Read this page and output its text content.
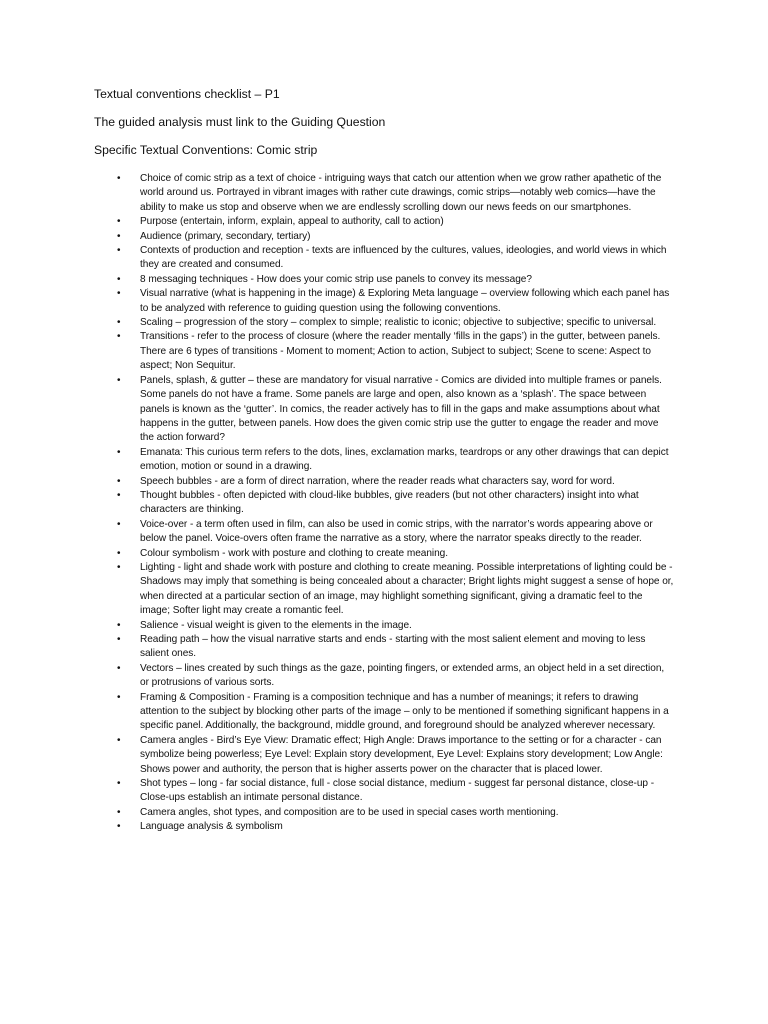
Textual conventions checklist – P1

The guided analysis must link to the Guiding Question

Specific Textual Conventions: Comic strip

• Choice of comic strip as a text of choice - intriguing ways that catch our attention when we grow rather apathetic of the world around us. Portrayed in vibrant images with rather cute drawings, comic strips—notably web comics—have the ability to make us stop and observe when we are endlessly scrolling down our news feeds on our smartphones.
• Purpose (entertain, inform, explain, appeal to authority, call to action)
• Audience (primary, secondary, tertiary)
• Contexts of production and reception - texts are influenced by the cultures, values, ideologies, and world views in which they are created and consumed.
• 8 messaging techniques - How does your comic strip use panels to convey its message?
• Visual narrative (what is happening in the image) & Exploring Meta language – overview following which each panel has to be analyzed with reference to guiding question using the following conventions.
• Scaling – progression of the story – complex to simple; realistic to iconic; objective to subjective; specific to universal.
• Transitions - refer to the process of closure (where the reader mentally ‘fills in the gaps’) in the gutter, between panels. There are 6 types of transitions - Moment to moment; Action to action, Subject to subject; Scene to scene: Aspect to aspect; Non Sequitur.
• Panels, splash, & gutter – these are mandatory for visual narrative - Comics are divided into multiple frames or panels. Some panels do not have a frame. Some panels are large and open, also known as a ‘splash’. The space between panels is known as the ‘gutter’. In comics, the reader actively has to fill in the gaps and make assumptions about what happens in the gutter, between panels. How does the given comic strip use the gutter to engage the reader and move the action forward?
• Emanata: This curious term refers to the dots, lines, exclamation marks, teardrops or any other drawings that can depict emotion, motion or sound in a drawing.
• Speech bubbles - are a form of direct narration, where the reader reads what characters say, word for word.
• Thought bubbles - often depicted with cloud-like bubbles, give readers (but not other characters) insight into what characters are thinking.
• Voice-over - a term often used in film, can also be used in comic strips, with the narrator’s words appearing above or below the panel. Voice-overs often frame the narrative as a story, where the narrator speaks directly to the reader.
• Colour symbolism - work with posture and clothing to create meaning.
• Lighting - light and shade work with posture and clothing to create meaning. Possible interpretations of lighting could be - Shadows may imply that something is being concealed about a character; Bright lights might suggest a sense of hope or, when directed at a particular section of an image, may highlight something significant, giving a dramatic feel to the image; Softer light may create a romantic feel.
• Salience - visual weight is given to the elements in the image.
• Reading path – how the visual narrative starts and ends - starting with the most salient element and moving to less salient ones.
• Vectors – lines created by such things as the gaze, pointing fingers, or extended arms, an object held in a set direction, or protrusions of various sorts.
• Framing & Composition - Framing is a composition technique and has a number of meanings; it refers to drawing attention to the subject by blocking other parts of the image – only to be mentioned if something significant happens in a specific panel. Additionally, the background, middle ground, and foreground should be analyzed wherever necessary.
• Camera angles - Bird’s Eye View: Dramatic effect; High Angle: Draws importance to the setting or for a character - can symbolize being powerless; Eye Level: Explain story development, Eye Level: Explains story development; Low Angle: Shows power and authority, the person that is higher asserts power on the character that is placed lower.
• Shot types – long - far social distance, full - close social distance, medium - suggest far personal distance, close-up - Close-ups establish an intimate personal distance.
• Camera angles, shot types, and composition are to be used in special cases worth mentioning.
• Language analysis & symbolism
